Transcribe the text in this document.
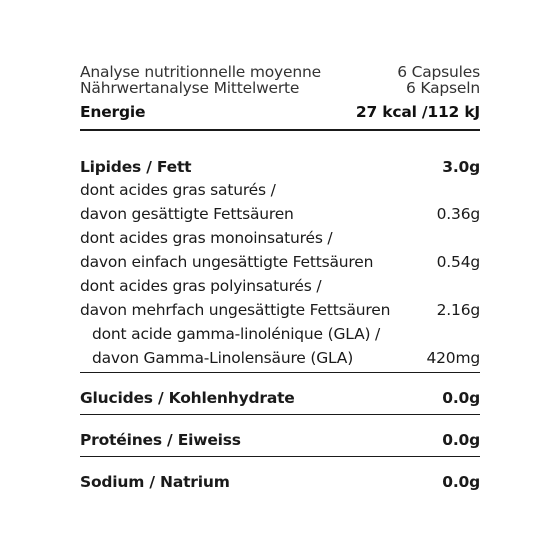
Analyse nutritionnelle moyenne	6 Capsules
Nährwertanalyse Mittelwerte	6 Kapseln
Energie	27 kcal /112 kJ
Lipides / Fett	3.0g
dont acides gras saturés /
davon gesättigte Fettsäuren	0.36g
dont acides gras monoinsaturés /
davon einfach ungesättigte Fettsäuren	0.54g
dont acides gras polyinsaturés /
davon mehrfach ungesättigte Fettsäuren	2.16g
dont acide gamma-linolénique (GLA) /
davon Gamma-Linolensäure (GLA)	420mg
Glucides / Kohlenhydrate	0.0g
Protéines / Eiweiss	0.0g
Sodium / Natrium	0.0g
